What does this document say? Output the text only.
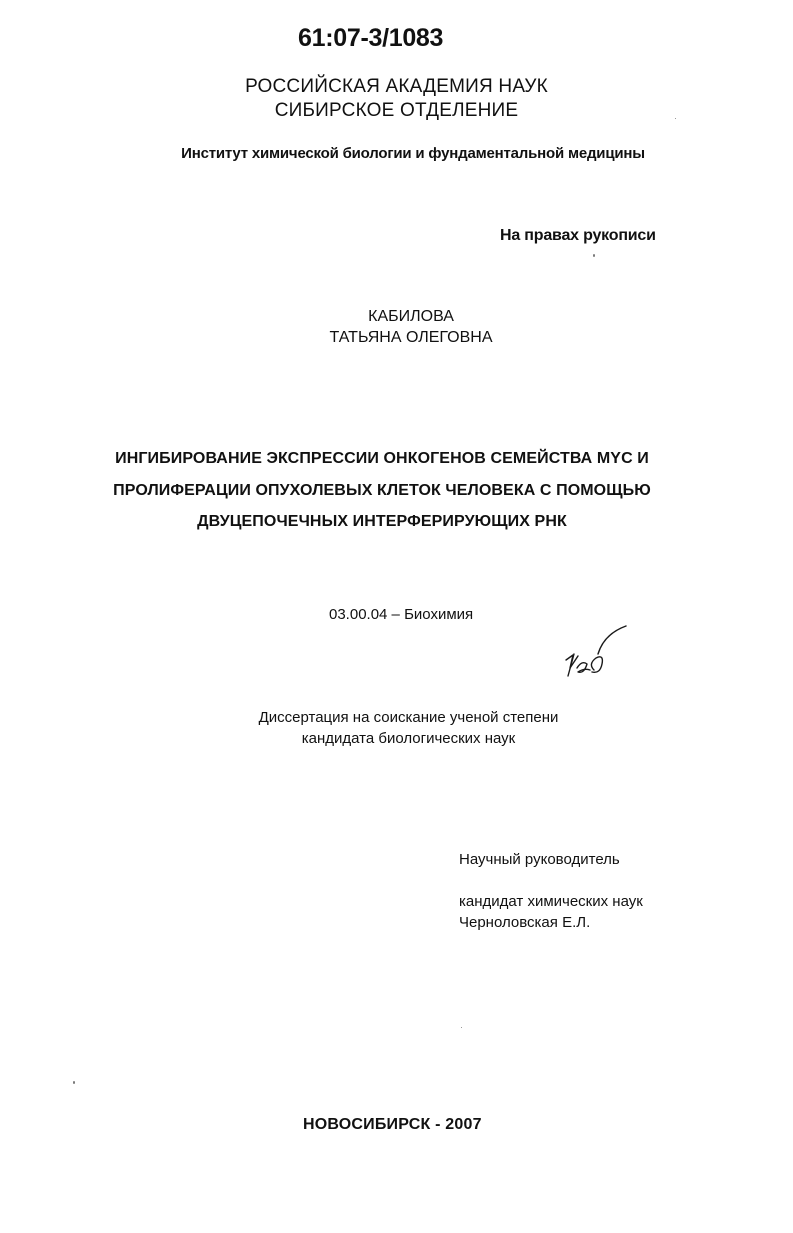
61:07-3/1083
РОССИЙСКАЯ АКАДЕМИЯ НАУК
СИБИРСКОЕ ОТДЕЛЕНИЕ
Институт химической биологии и фундаментальной медицины
На правах рукописи
КАБИЛОВА
ТАТЬЯНА ОЛЕГОВНА
ИНГИБИРОВАНИЕ ЭКСПРЕССИИ ОНКОГЕНОВ СЕМЕЙСТВА MYC И
ПРОЛИФЕРАЦИИ ОПУХОЛЕВЫХ КЛЕТОК ЧЕЛОВЕКА С ПОМОЩЬЮ
ДВУЦЕПОЧЕЧНЫХ ИНТЕРФЕРИРУЮЩИХ РНК
03.00.04 – Биохимия
Диссертация на соискание ученой степени
кандидата биологических наук
Научный руководитель
кандидат химических наук
Черноловская Е.Л.
НОВОСИБИРСК - 2007
